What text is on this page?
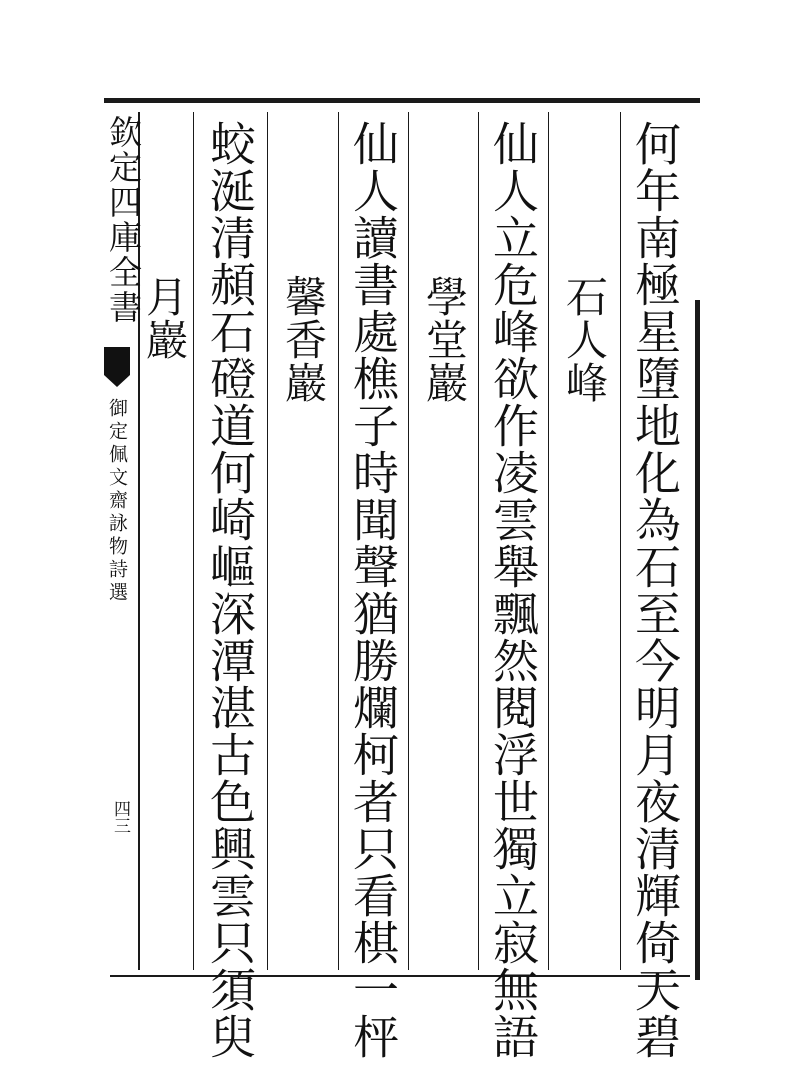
欽定四庫全書
御定佩文齋詠物詩選
四三	何年南極星墮地化為石至今明月夜清輝倚天碧
石人峰
仙人立危峰欲作凌雲舉飄然閱浮世獨立寂無語
學堂巖
仙人讀書處樵子時聞聲猶勝爛柯者只看棋一枰
馨香巖
蛟涎清頳石磴道何崎嶇深潭湛古色興雲只須臾
月巖
